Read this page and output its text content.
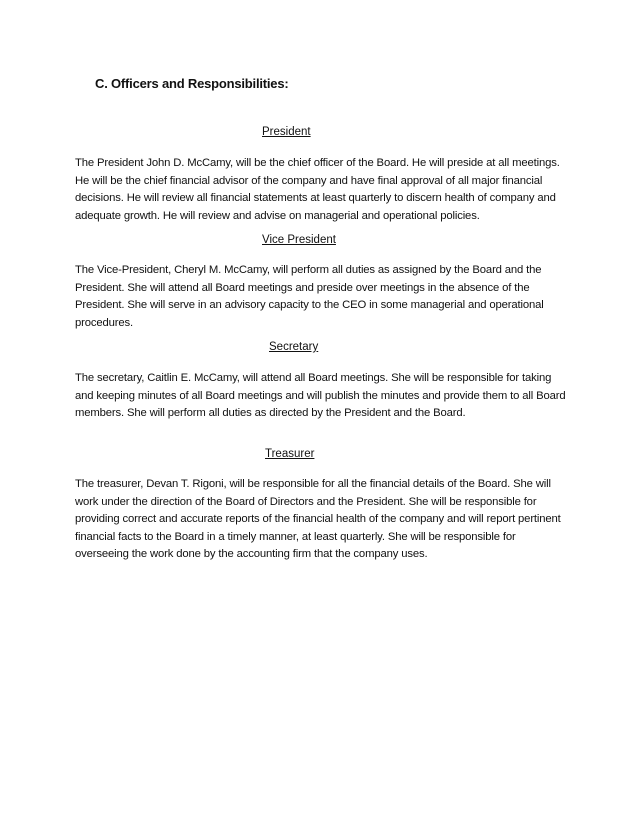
C. Officers and Responsibilities:
President
The President John D. McCamy, will be the chief officer of the Board. He will preside at all meetings. He will be the chief financial advisor of the company and have final approval of all major financial decisions. He will review all financial statements at least quarterly to discern health of company and adequate growth. He will review and advise on managerial and operational policies.
Vice President
The Vice-President, Cheryl M. McCamy, will perform all duties as assigned by the Board and the President. She will attend all Board meetings and preside over meetings in the absence of the President. She will serve in an advisory capacity to the CEO in some managerial and operational procedures.
Secretary
The secretary, Caitlin E. McCamy, will attend all Board meetings. She will be responsible for taking and keeping minutes of all Board meetings and will publish the minutes and provide them to all Board members. She will perform all duties as directed by the President and the Board.
Treasurer
The treasurer, Devan T. Rigoni, will be responsible for all the financial details of the Board. She will work under the direction of the Board of Directors and the President. She will be responsible for providing correct and accurate reports of the financial health of the company and will report pertinent financial facts to the Board in a timely manner, at least quarterly. She will be responsible for overseeing the work done by the accounting firm that the company uses.
